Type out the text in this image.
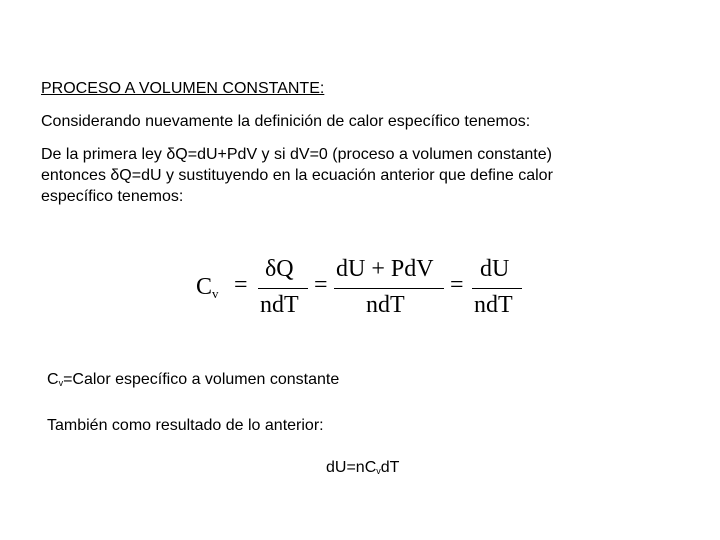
PROCESO A VOLUMEN CONSTANTE:
Considerando nuevamente la definición de calor específico tenemos:
De la primera ley δQ=dU+PdV y si dV=0 (proceso a volumen constante)
entonces δQ=dU y sustituyendo en la ecuación anterior que define calor
específico tenemos:
$C_v$ =
δQ
ndT
=
dU + PdV
ndT
=
dU
ndT
$C_v=Calor$ específico a volumen constante
También como resultado de lo anterior:
$dU=nC_vdT$
